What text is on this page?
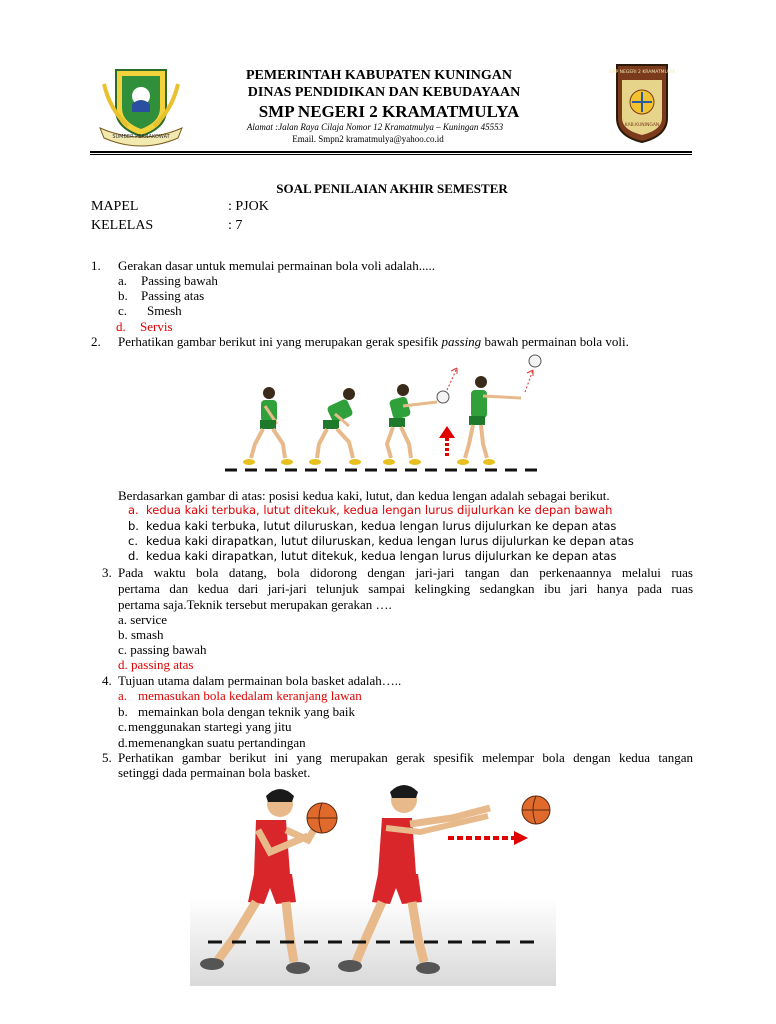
SUMBER PERNAKOWAT
SMP NEGERI 2 KRAMATMULYA
KAB.KUNINGAN
PEMERINTAH KABUPATEN KUNINGAN
DINAS PENDIDIKAN DAN KEBUDAYAAN
SMP NEGERI 2 KRAMATMULYA
Alamat :Jalan Raya Cilaja Nomor 12 Kramatmulya – Kuningan 45553
Email. Smpn2 kramatmulya@yahoo.co.id
SOAL PENILAIAN AKHIR SEMESTER
MAPEL	: PJOK
KELELAS	: 7
1. Gerakan dasar untuk memulai permainan bola voli adalah.....
a. Passing bawah
b. Passing atas
c. Smesh
d. Servis
2. Perhatikan gambar berikut ini yang merupakan gerak spesifik passing bawah permainan bola voli.
Berdasarkan gambar di atas: posisi kedua kaki, lutut, dan kedua lengan adalah sebagai berikut.
a. kedua kaki terbuka, lutut ditekuk, kedua lengan lurus dijulurkan ke depan bawah
b. kedua kaki terbuka, lutut diluruskan, kedua lengan lurus dijulurkan ke depan atas
c. kedua kaki dirapatkan, lutut diluruskan, kedua lengan lurus dijulurkan ke depan atas
d. kedua kaki dirapatkan, lutut ditekuk, kedua lengan lurus dijulurkan ke depan atas
3. Pada waktu bola datang, bola didorong dengan jari-jari tangan dan perkenaannya melalui ruas
pertama dan kedua dari jari-jari telunjuk sampai kelingking sedangkan ibu jari hanya pada ruas
pertama saja.Teknik tersebut merupakan gerakan ….
a. service
b. smash
c. passing bawah
d. passing atas
4. Tujuan utama dalam permainan bola basket adalah…..
a. memasukan bola kedalam keranjang lawan
b. memainkan bola dengan teknik yang baik
c. menggunakan startegi yang jitu
d. memenangkan suatu pertandingan
5. Perhatikan gambar berikut ini yang merupakan gerak spesifik melempar bola dengan kedua tangan
setinggi dada permainan bola basket.
